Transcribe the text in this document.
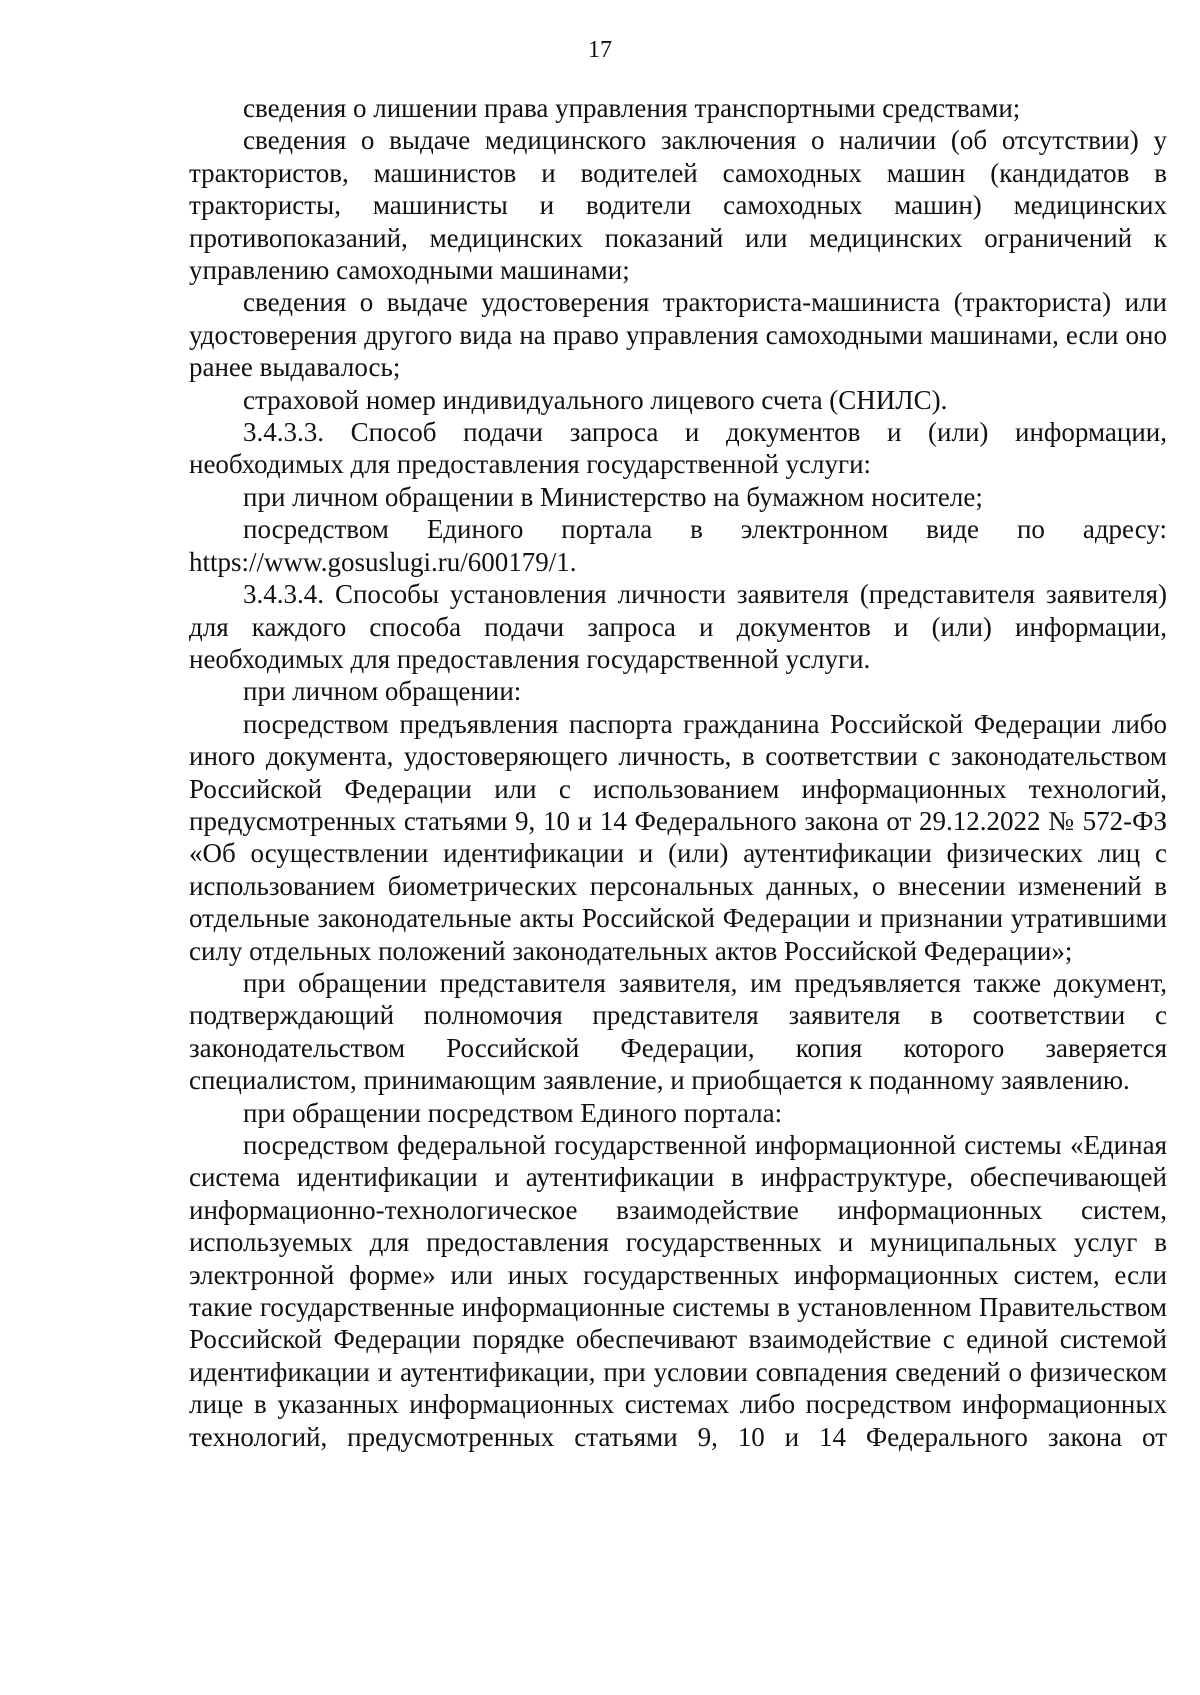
17

сведения о лишении права управления транспортными средствами;

сведения о выдаче медицинского заключения о наличии (об отсутствии) у трактористов, машинистов и водителей самоходных машин (кандидатов в трактористы, машинисты и водители самоходных машин) медицинских противопоказаний, медицинских показаний или медицинских ограничений к управлению самоходными машинами;

сведения о выдаче удостоверения тракториста-машиниста (тракториста) или удостоверения другого вида на право управления самоходными машинами, если оно ранее выдавалось;

страховой номер индивидуального лицевого счета (СНИЛС).

3.4.3.3. Способ подачи запроса и документов и (или) информации, необходимых для предоставления государственной услуги:

при личном обращении в Министерство на бумажном носителе;

посредством Единого портала в электронном виде по адресу: https://www.gosuslugi.ru/600179/1.

3.4.3.4. Способы установления личности заявителя (представителя заявителя) для каждого способа подачи запроса и документов и (или) информации, необходимых для предоставления государственной услуги.

при личном обращении:

посредством предъявления паспорта гражданина Российской Федерации либо иного документа, удостоверяющего личность, в соответствии с законодательством Российской Федерации или с использованием информационных технологий, предусмотренных статьями 9, 10 и 14 Федерального закона от 29.12.2022 № 572-ФЗ «Об осуществлении идентификации и (или) аутентификации физических лиц с использованием биометрических персональных данных, о внесении изменений в отдельные законодательные акты Российской Федерации и признании утратившими силу отдельных положений законодательных актов Российской Федерации»;

при обращении представителя заявителя, им предъявляется также документ, подтверждающий полномочия представителя заявителя в соответствии с законодательством Российской Федерации, копия которого заверяется специалистом, принимающим заявление, и приобщается к поданному заявлению.

при обращении посредством Единого портала:

посредством федеральной государственной информационной системы «Единая система идентификации и аутентификации в инфраструктуре, обеспечивающей информационно-технологическое взаимодействие информационных систем, используемых для предоставления государственных и муниципальных услуг в электронной форме» или иных государственных информационных систем, если такие государственные информационные системы в установленном Правительством Российской Федерации порядке обеспечивают взаимодействие с единой системой идентификации и аутентификации, при условии совпадения сведений о физическом лице в указанных информационных системах либо посредством информационных технологий, предусмотренных статьями 9, 10 и 14 Федерального закона от
